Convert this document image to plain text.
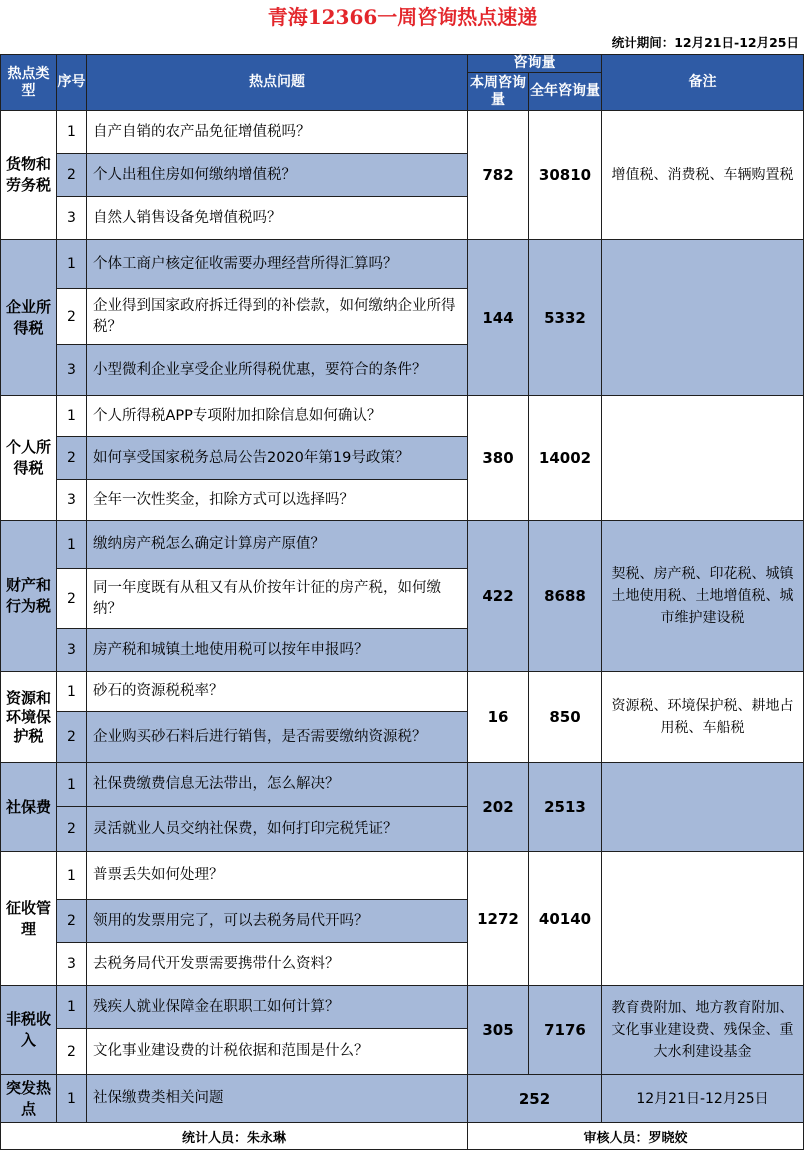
青海12366一周咨询热点速递
统计期间：12月21日-12月25日
热点类型	序号	热点问题	咨询量		备注
			本周咨询量	全年咨询量	
货物和劳务税	1	自产自销的农产品免征增值税吗？	782	30810	增值税、消费税、车辆购置税
	2	个人出租住房如何缴纳增值税？			
	3	自然人销售设备免增值税吗？			
企业所得税	1	个体工商户核定征收需要办理经营所得汇算吗？	144	5332	
	2	企业得到国家政府拆迁得到的补偿款，如何缴纳企业所得税？			
	3	小型微利企业享受企业所得税优惠，要符合的条件？			
个人所得税	1	个人所得税APP专项附加扣除信息如何确认？	380	14002	
	2	如何享受国家税务总局公告2020年第19号政策？			
	3	全年一次性奖金，扣除方式可以选择吗？			
财产和行为税	1	缴纳房产税怎么确定计算房产原值？	422	8688	契税、房产税、印花税、城镇土地使用税、土地增值税、城市维护建设税
	2	同一年度既有从租又有从价按年计征的房产税，如何缴纳？			
	3	房产税和城镇土地使用税可以按年申报吗？			
资源和环境保护税	1	砂石的资源税税率？	16	850	资源税、环境保护税、耕地占用税、车船税
	2	企业购买砂石料后进行销售，是否需要缴纳资源税？			
社保费	1	社保费缴费信息无法带出，怎么解决？	202	2513	
	2	灵活就业人员交纳社保费，如何打印完税凭证？			
征收管理	1	普票丢失如何处理？	1272	40140	
	2	领用的发票用完了，可以去税务局代开吗？			
	3	去税务局代开发票需要携带什么资料？			
非税收入	1	残疾人就业保障金在职职工如何计算？	305	7176	教育费附加、地方教育附加、文化事业建设费、残保金、重大水利建设基金
	2	文化事业建设费的计税依据和范围是什么？			
突发热点	1	社保缴费类相关问题	252		12月21日-12月25日
统计人员：朱永琳			审核人员：罗晓姣		
